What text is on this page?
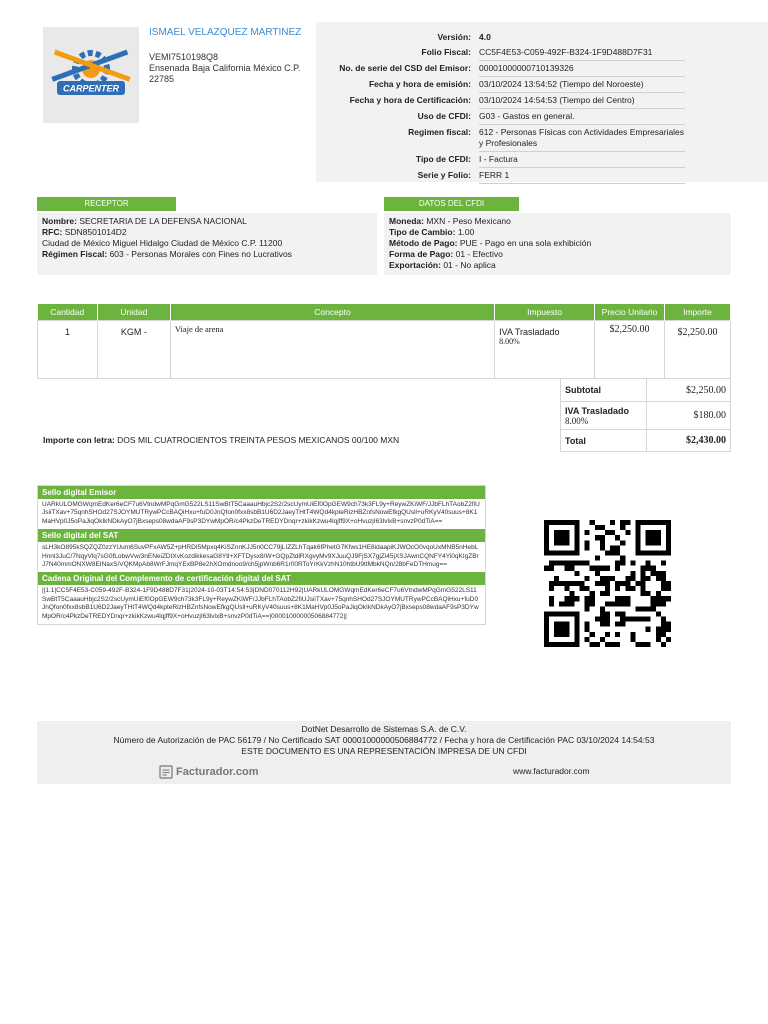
CARPENTER
ISMAEL VELAZQUEZ MARTINEZ
VEMI7510198Q8
Ensenada Baja California México C.P. 22785
Versión: 4.0
Folio Fiscal: CC5F4E53-C059-492F-B324-1F9D488D7F31
No. de serie del CSD del Emisor: 00001000000710139326
Fecha y hora de emisión: 03/10/2024 13:54:52 (Tiempo del Noroeste)
Fecha y hora de Certificación: 03/10/2024 14:54:53 (Tiempo del Centro)
Uso de CFDI: G03 - Gastos en general.
Regimen fiscal: 612 - Personas Físicas con Actividades Empresariales y Profesionales
Tipo de CFDI: I - Factura
Serie y Folio: FERR 1
RECEPTOR
Nombre: SECRETARIA DE LA DEFENSA NACIONAL
RFC: SDN8501014D2
Ciudad de México Miguel Hidalgo Ciudad de México C.P. 11200
Régimen Fiscal: 603 - Personas Morales con Fines no Lucrativos
DATOS DEL CFDI
Moneda: MXN - Peso Mexicano
Tipo de Cambio: 1.00
Método de Pago: PUE - Pago en una sola exhibición
Forma de Pago: 01 - Efectivo
Exportación: 01 - No aplica
Cantidad	Unidad	Concepto	Impuesto	Precio Unitario	Importe
1	KGM -	Viaje de arena	IVA Trasladado
8.00%	$2,250.00	$2,250.00
Subtotal	$2,250.00

IVA Trasladado
8.00%	$180.00
Total	$2,430.00
Importe con letra: DOS MIL CUATROCIENTOS TREINTA PESOS MEXICANOS 00/100 MXN
Sello digital Emisor
UARkULOMGWqmEdKer6eCF7u6VtndwMPqGmG522LS11SwBtT5CaaauHbjc2S2/2scUymUiEf0OpGEW9ch73k3FL9y+ReywZKiWF/JJbFLhTAobZ2fiUJsiiTXav+75qnhSHOd27SJOYMUTRywPCcBAQiHxu+fuD0JnQfon0fxx8sbB1U6D2JaeyTHtT4WQd4kpteRizHBZnfsNowEfkgQUsll+uRKyV40suus+8K1MaHVp0J5oPaJiqOkIkNDkAyO7jBxseps08wdaAF9sP3DYwMpOR/c4PkzDeTREDYDnqr+zkikKzwu4lqjff9X+oHvuzjI63lvlxB+snvzP0dTiA==
Sello digital del SAT
sLH3kO895kSQZQZ0zzYUum6SuvPFxAW5Z+pHRDI5Mpxq4KiSZnnKJJ5n0CC79jLIZZLhTqak6fPhetG7Kfws1HE8idaapiKJWOcO0vqoUxMNB5nHebLHnnl3JuC/7NqyVlq7sG0fLobwVw/3nENeiZDtXvKozdikkesaG8Ytl+XFTDysx8/W+GQpZtdlRXgvyMv9XJuuQJ9FjSX7gjZi45jXSJAwnCQNFY4Yi0qKIgZBrJ7N40mmONXW8EINaxS/VQKMpAb8WrFJmqYExBP8e2hXOmdnoo9/ch5jpWnb6R1r00RToYrKkVzhN10htbU9ttMbkNQn/28bFeDTHmug==
Cadena Original del Complemento de certificación digital del SAT
||1.1|CC5F4E53-C059-492F-B324-1F9D488D7F31|2024-10-03T14:54:53|DND070112H92|UARkULOMGWqmEdKer6eCF7u6VtndwMPqGmG522LS11SwBtT5CaaauHbjc2S2/2scUymUiEf0OpGEW9ch73k3FL9y+ReywZKiWF/JJbFLhTAobZ2fiUJsiiTXav+75qnhSHOd27SJOYMUTRywPCcBAQiHxu+fuD0JnQfon0fxx8sbB1U6D2JaeyTHtT4WQd4kpteRizHBZnfsNowEfkgQUsll+uRKyV40suus+8K1MaHVp0J5oPaJiqOkIkNDkAyO7jBxseps08wdaAF9sP3DYwMpOR/c4PkzDeTREDYDnqr+zkikKzwu4lqjff9X+oHvuzjI63lvlxB+snvzP0dTiA==|00001000000506884772||
DotNet Desarrollo de Sistemas S.A. de C.V.
Número de Autorización de PAC 56179 / No Certificado SAT 00001000000506884772 / Fecha y hora de Certificación PAC 03/10/2024 14:54:53
ESTE DOCUMENTO ES UNA REPRESENTACIÓN IMPRESA DE UN CFDI
Facturador.com	www.facturador.com
